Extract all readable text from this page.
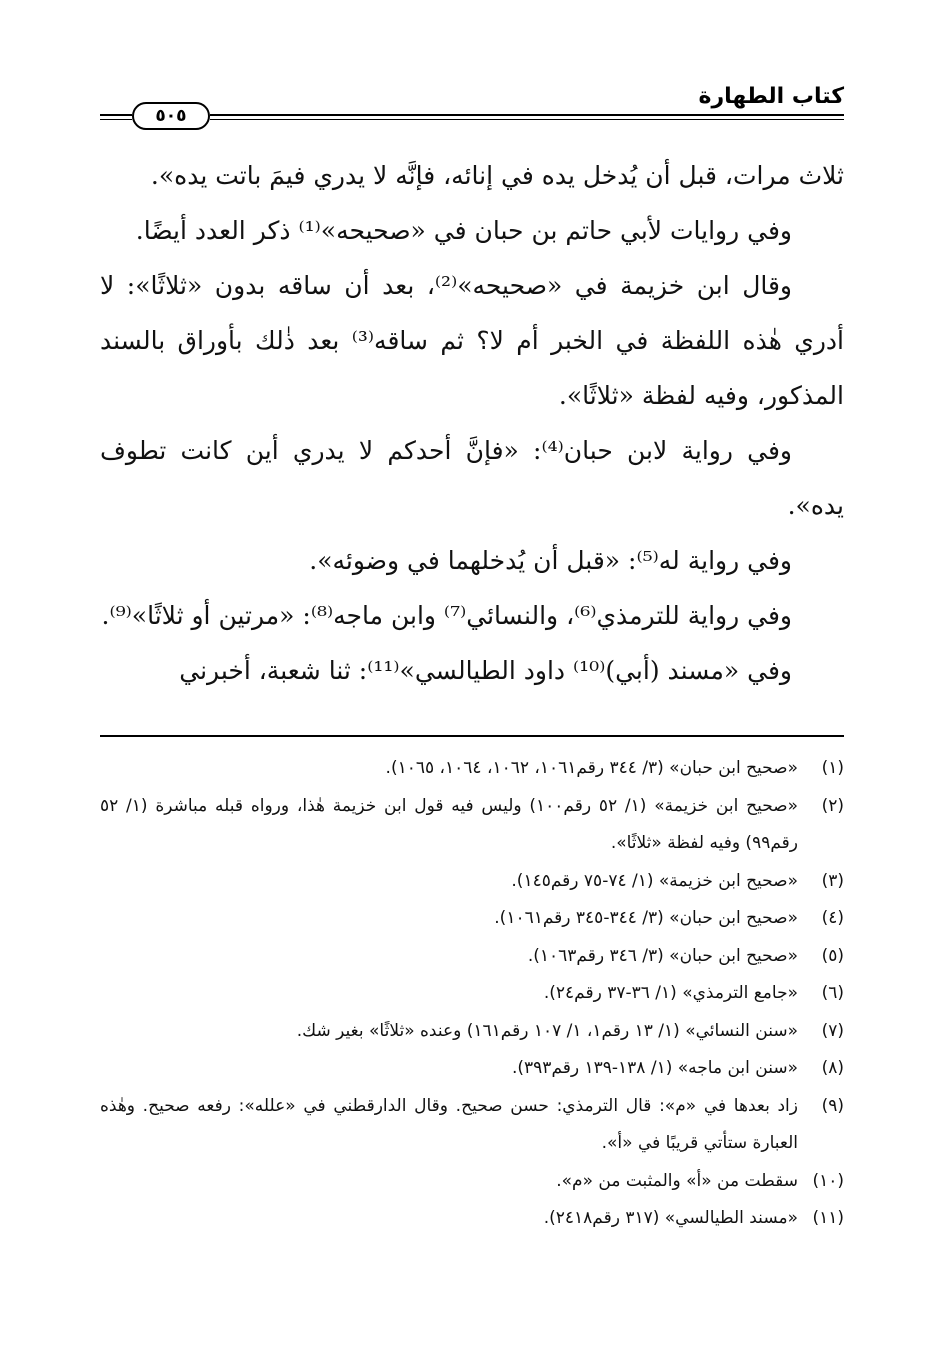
كتاب الطهارة
٥٠٥

ثلاث مرات، قبل أن يُدخل يده في إنائه، فإنَّه لا يدري فيمَ باتت يده».

وفي روايات لأبي حاتم بن حبان في «صحيحه»⁽¹⁾ ذكر العدد أيضًا.

وقال ابن خزيمة في «صحيحه»⁽²⁾، بعد أن ساقه بدون «ثلاثًا»: لا أدري هٰذه اللفظة في الخبر أم لا؟ ثم ساقه⁽³⁾ بعد ذٰلك بأوراق بالسند المذكور، وفيه لفظة «ثلاثًا».

وفي رواية لابن حبان⁽⁴⁾: «فإنَّ أحدكم لا يدري أين كانت تطوف يده».

وفي رواية له⁽⁵⁾: «قبل أن يُدخلهما في وضوئه».

وفي رواية للترمذي⁽⁶⁾، والنسائي⁽⁷⁾ وابن ماجه⁽⁸⁾: «مرتين أو ثلاثًا»⁽⁹⁾.

وفي «مسند (أبي)⁽¹⁰⁾ داود الطيالسي»⁽¹¹⁾: ثنا شعبة، أخبرني

(١)«صحيح ابن حبان» (٣/ ٣٤٤ رقم١٠٦١، ١٠٦٢، ١٠٦٤، ١٠٦٥).

(٢)«صحيح ابن خزيمة» (١/ ٥٢ رقم١٠٠) وليس فيه قول ابن خزيمة هٰذا، ورواه قبله مباشرة (١/ ٥٢ رقم٩٩) وفيه لفظة «ثلاثًا».

(٣)«صحيح ابن خزيمة» (١/ ٧٤-٧٥ رقم١٤٥).

(٤)«صحيح ابن حبان» (٣/ ٣٤٤-٣٤٥ رقم١٠٦١).

(٥)«صحيح ابن حبان» (٣/ ٣٤٦ رقم١٠٦٣).

(٦)«جامع الترمذي» (١/ ٣٦-٣٧ رقم٢٤).

(٧)«سنن النسائي» (١/ ١٣ رقم١، ١/ ١٠٧ رقم١٦١) وعنده «ثلاثًا» بغير شك.

(٨)«سنن ابن ماجه» (١/ ١٣٨-١٣٩ رقم٣٩٣).

(٩)زاد بعدها في «م»: قال الترمذي: حسن صحيح. وقال الدارقطني في «علله»: رفعه صحيح. وهٰذه العبارة ستأتي قريبًا في «أ».

(١٠)سقطت من «أ» والمثبت من «م».

(١١)«مسند الطيالسي» (٣١٧ رقم٢٤١٨).
